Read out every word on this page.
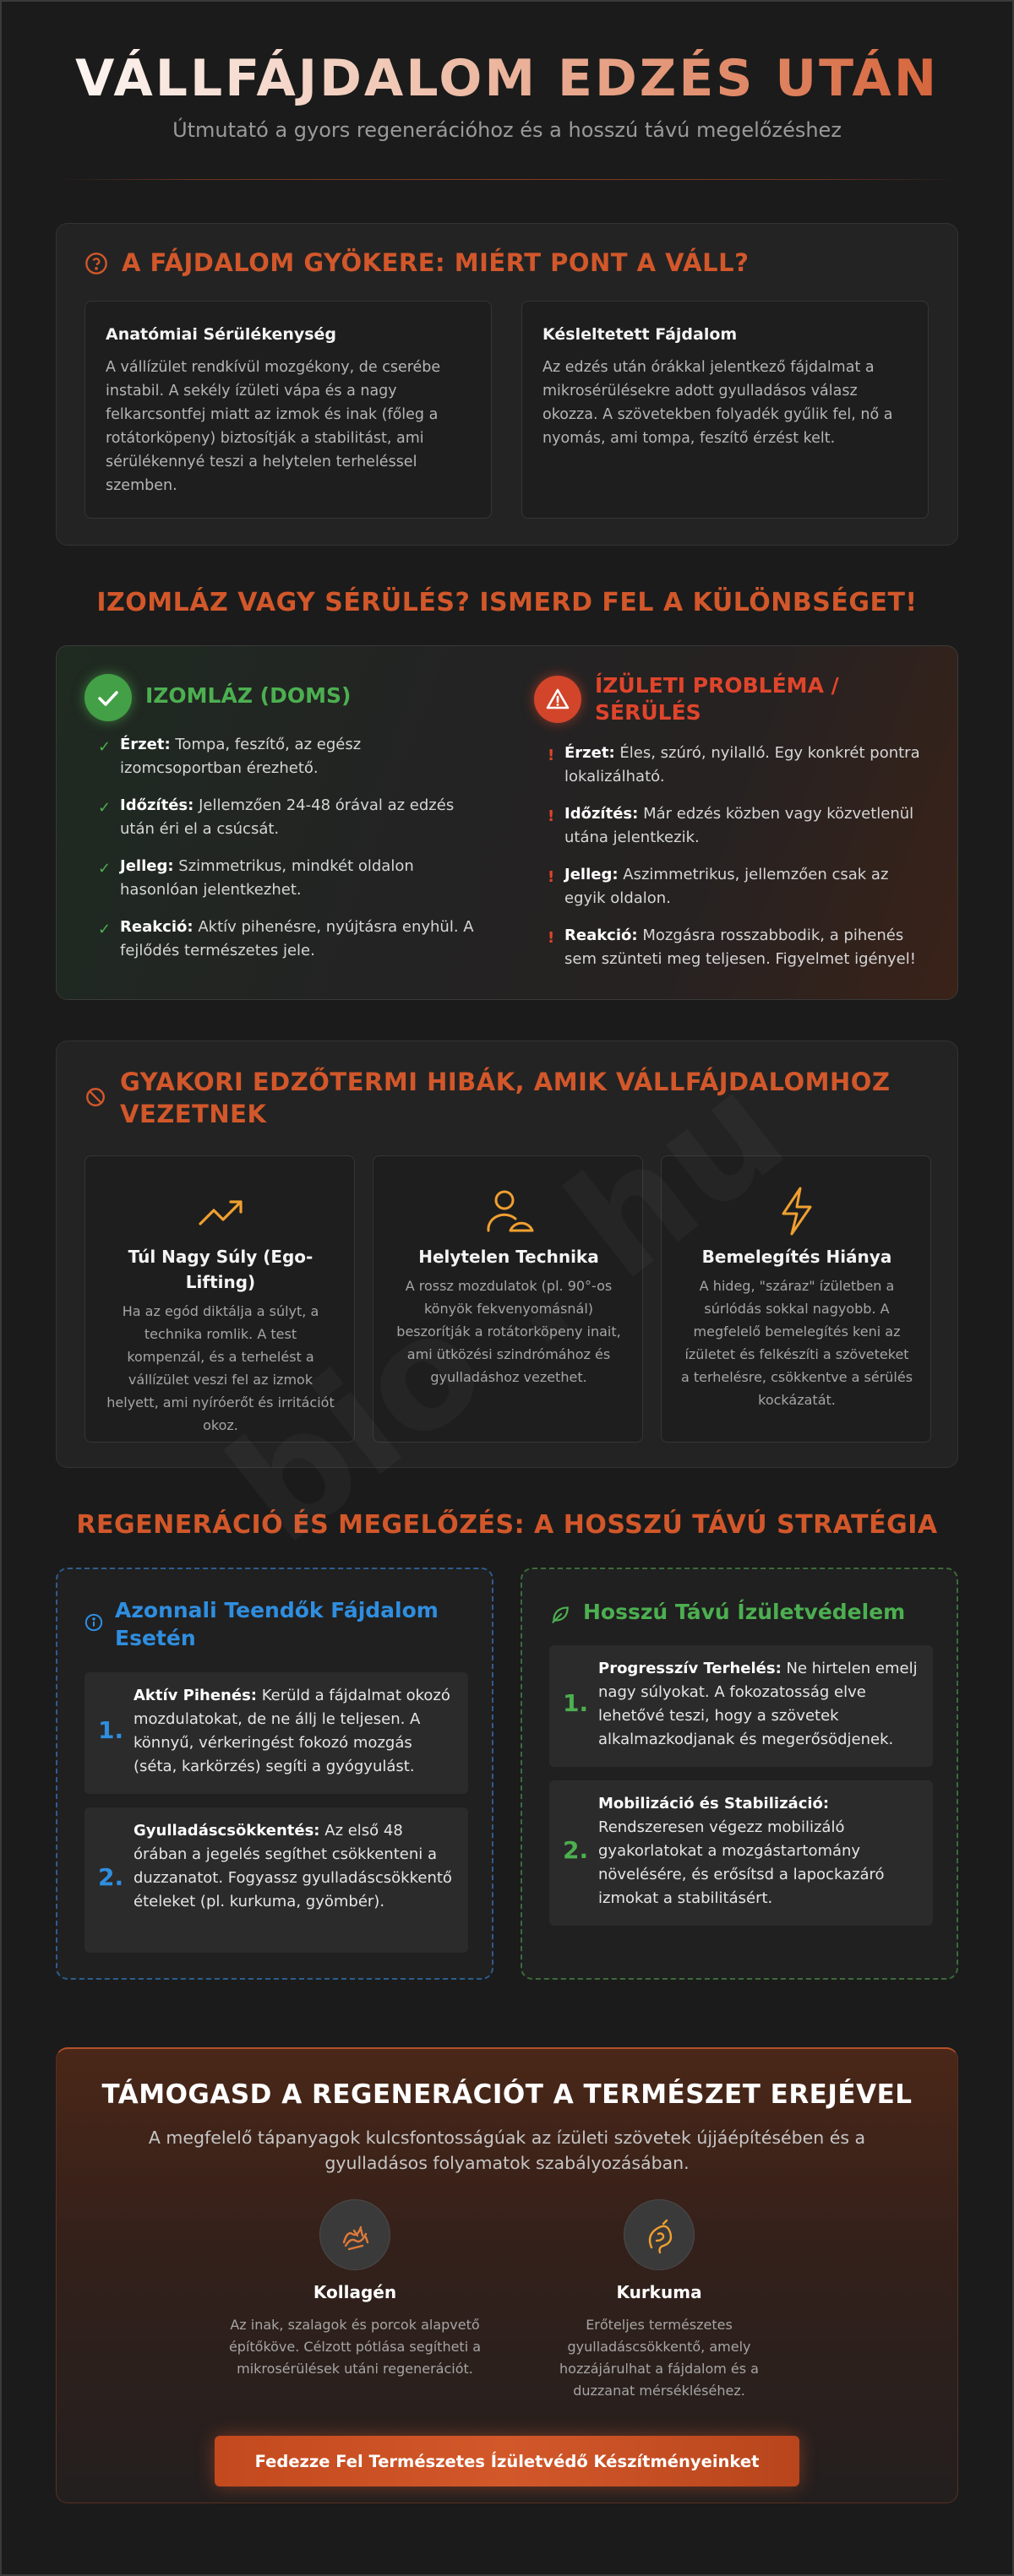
VÁLLFÁJDALOM EDZÉS UTÁN
Útmutató a gyors regenerációhoz és a hosszú távú megelőzéshez
A FÁJDALOM GYÖKERE: MIÉRT PONT A VÁLL?
Anatómiai Sérülékenység
A vállízület rendkívül mozgékony, de cserébe instabil. A sekély ízületi vápa és a nagy felkarcsontfej miatt az izmok és inak (főleg a rotátorköpeny) biztosítják a stabilitást, ami sérülékennyé teszi a helytelen terheléssel szemben.
Késleltetett Fájdalom
Az edzés után órákkal jelentkező fájdalmat a mikrosérülésekre adott gyulladásos válasz okozza. A szövetekben folyadék gyűlik fel, nő a nyomás, ami tompa, feszítő érzést kelt.
IZOMLÁZ VAGY SÉRÜLÉS? ISMERD FEL A KÜLÖNBSÉGET!
IZOMLÁZ (DOMS)
✓ Érzet: Tompa, feszítő, az egész izomcsoportban érezhető.
✓ Időzítés: Jellemzően 24-48 órával az edzés után éri el a csúcsát.
✓ Jelleg: Szimmetrikus, mindkét oldalon hasonlóan jelentkezhet.
✓ Reakció: Aktív pihenésre, nyújtásra enyhül. A fejlődés természetes jele.
ÍZÜLETI PROBLÉMA / SÉRÜLÉS
! Érzet: Éles, szúró, nyilalló. Egy konkrét pontra lokalizálható.
! Időzítés: Már edzés közben vagy közvetlenül utána jelentkezik.
! Jelleg: Aszimmetrikus, jellemzően csak az egyik oldalon.
! Reakció: Mozgásra rosszabbodik, a pihenés sem szünteti meg teljesen. Figyelmet igényel!
GYAKORI EDZŐTERMI HIBÁK, AMIK VÁLLFÁJDALOMHOZ VEZETNEK
Túl Nagy Súly (Ego-Lifting)
Ha az egód diktálja a súlyt, a technika romlik. A test kompenzál, és a terhelést a vállízület veszi fel az izmok helyett, ami nyíróerőt és irritációt okoz.
Helytelen Technika
A rossz mozdulatok (pl. 90°-os könyök fekvenyomásnál) beszorítják a rotátorköpeny inait, ami ütközési szindrómához és gyulladáshoz vezethet.
Bemelegítés Hiánya
A hideg, "száraz" ízületben a súrlódás sokkal nagyobb. A megfelelő bemelegítés keni az ízületet és felkészíti a szöveteket a terhelésre, csökkentve a sérülés kockázatát.
REGENERÁCIÓ ÉS MEGELŐZÉS: A HOSSZÚ TÁVÚ STRATÉGIA
Azonnali Teendők Fájdalom Esetén
1.
Aktív Pihenés: Kerüld a fájdalmat okozó mozdulatokat, de ne állj le teljesen. A könnyű, vérkeringést fokozó mozgás (séta, karkörzés) segíti a gyógyulást.
2.
Gyulladáscsökkentés: Az első 48 órában a jegelés segíthet csökkenteni a duzzanatot. Fogyassz gyulladáscsökkentő ételeket (pl. kurkuma, gyömbér).
Hosszú Távú Ízületvédelem
1.
Progresszív Terhelés: Ne hirtelen emelj nagy súlyokat. A fokozatosság elve lehetővé teszi, hogy a szövetek alkalmazkodjanak és megerősödjenek.
2.
Mobilizáció és Stabilizáció: Rendszeresen végezz mobilizáló gyakorlatokat a mozgástartomány növelésére, és erősítsd a lapockazáró izmokat a stabilitásért.
TÁMOGASD A REGENERÁCIÓT A TERMÉSZET EREJÉVEL
A megfelelő tápanyagok kulcsfontosságúak az ízületi szövetek újjáépítésében és a gyulladásos folyamatok szabályozásában.
Kollagén
Az inak, szalagok és porcok alapvető építőköve. Célzott pótlása segítheti a mikrosérülések utáni regenerációt.
Kurkuma
Erőteljes természetes gyulladáscsökkentő, amely hozzájárulhat a fájdalom és a duzzanat mérsékléséhez.
Fedezze Fel Természetes Ízületvédő Készítményeinket
